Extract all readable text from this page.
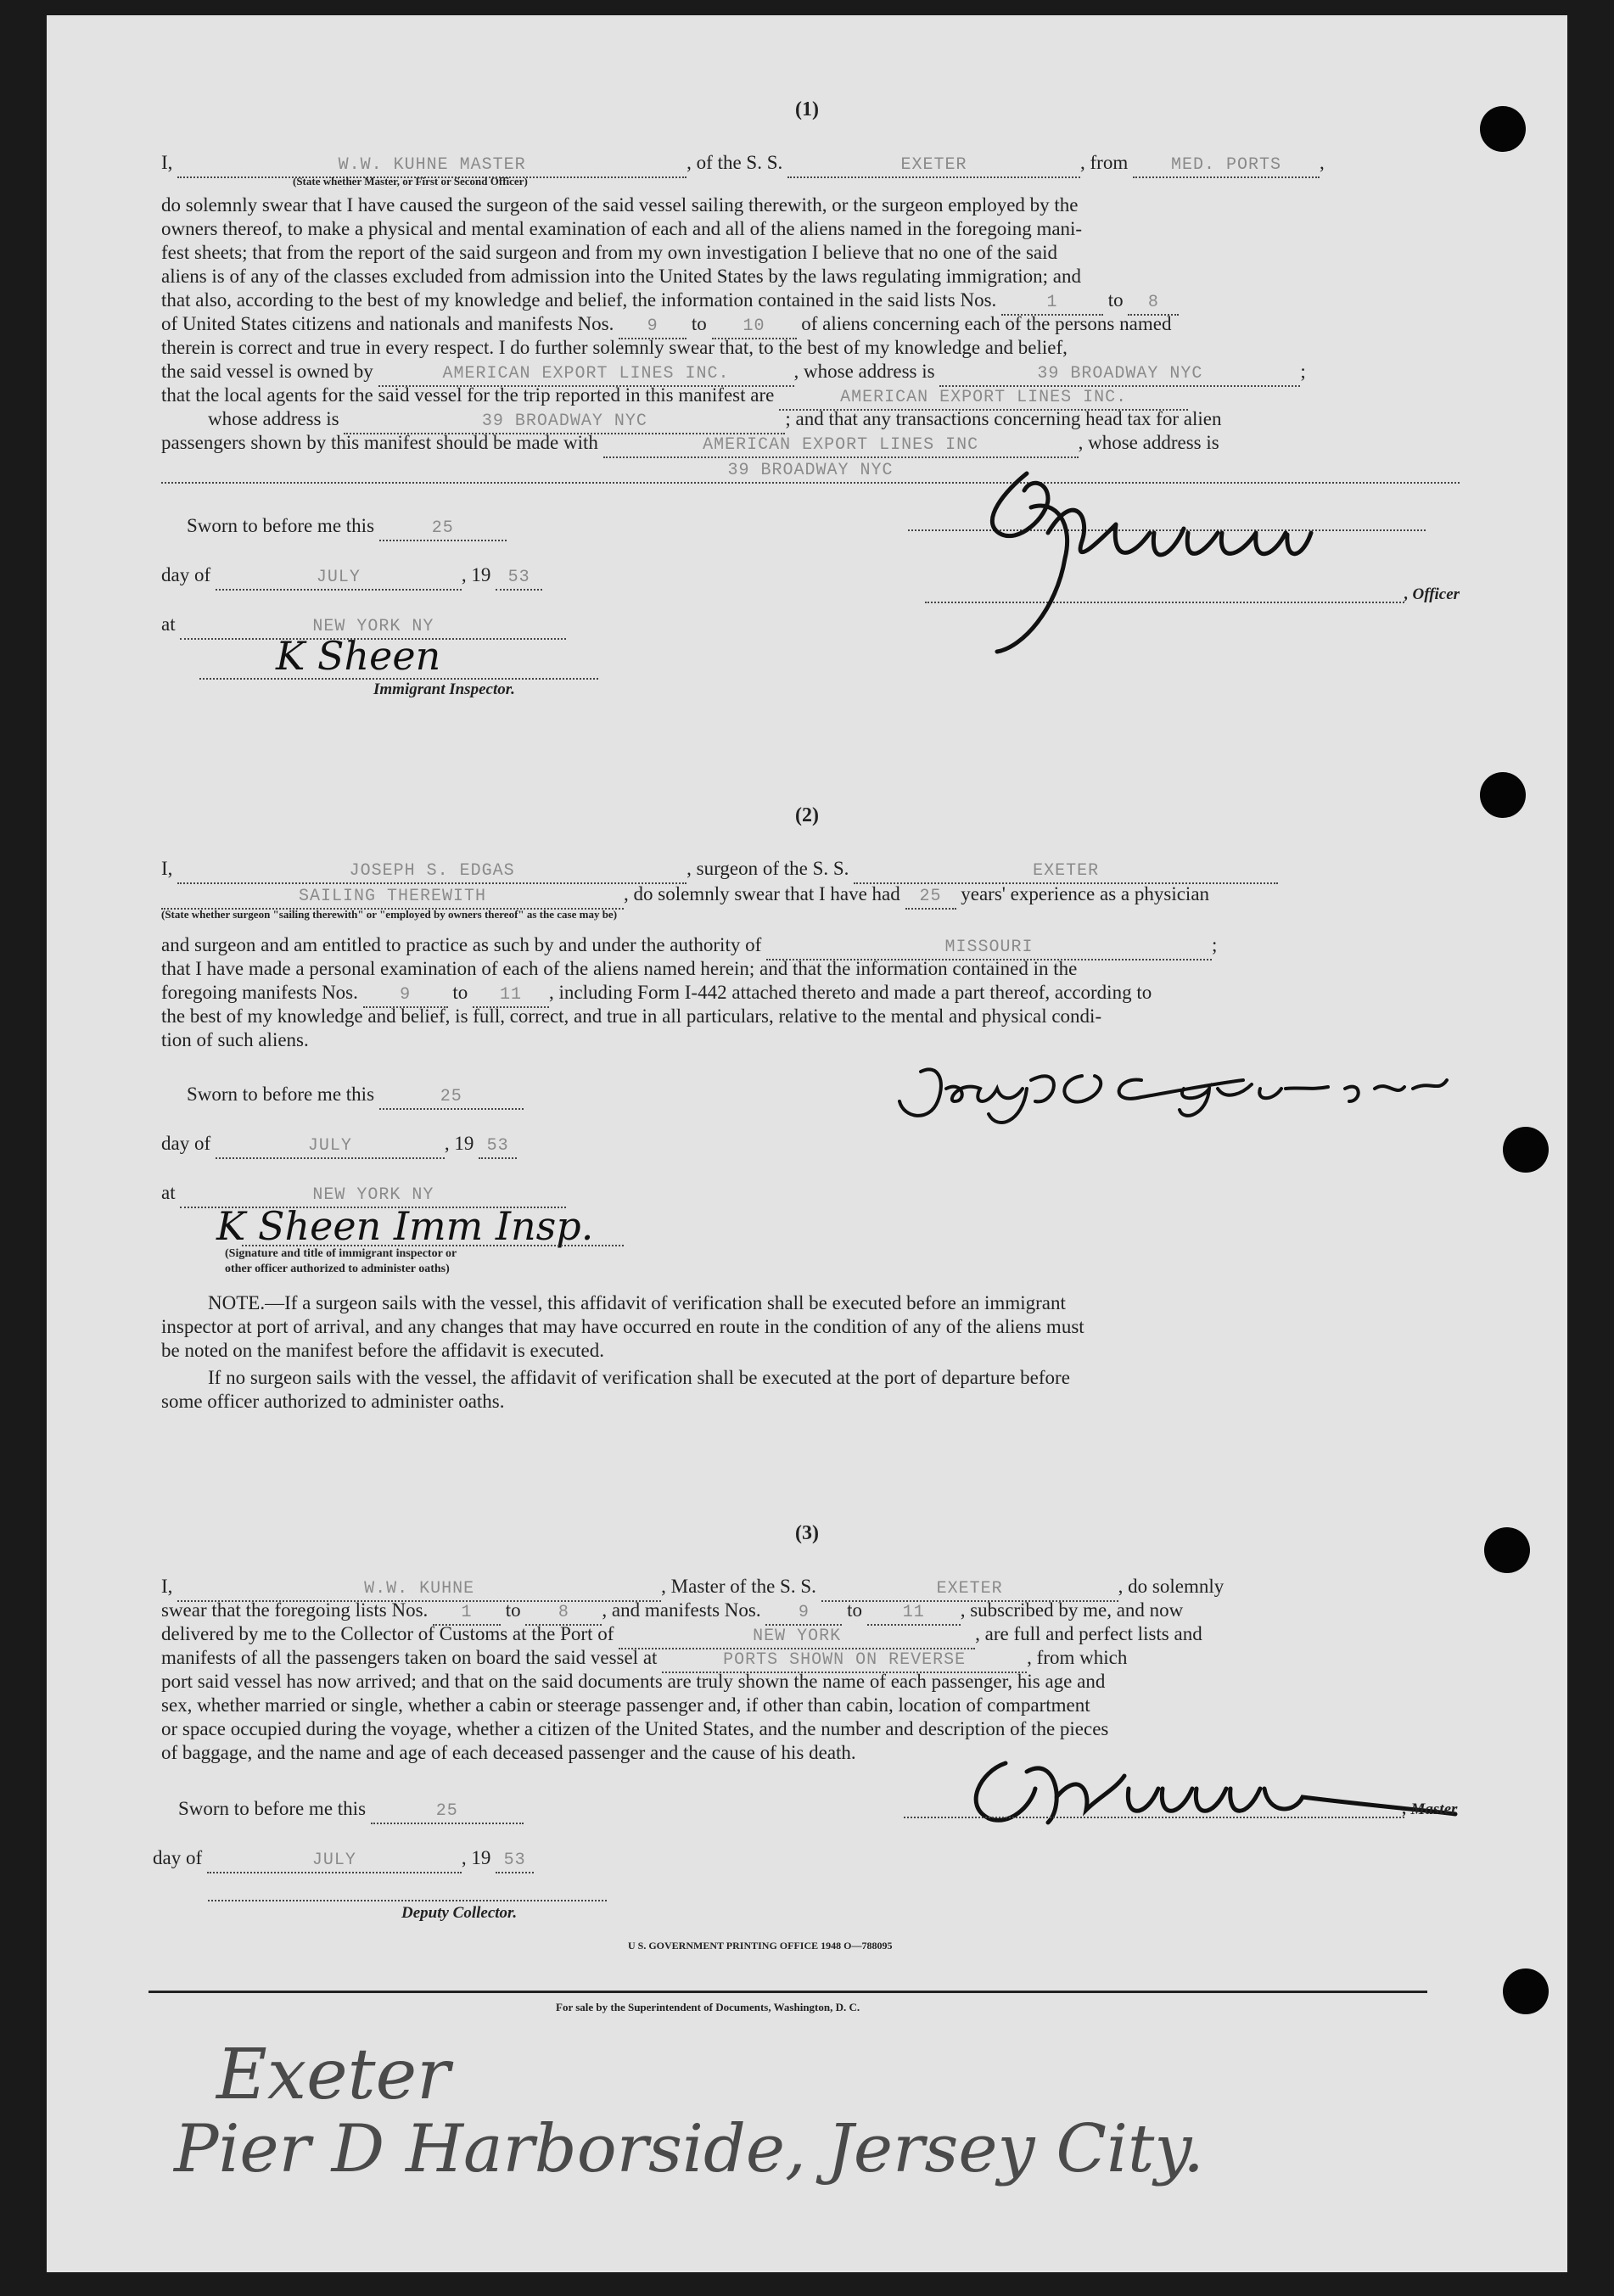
(1)
I,	W.W. KUHNE MASTER	, of the S. S.	EXETER	, from	MED. PORTS ,
(State whether Master, or First or Second Officer)
do solemnly swear that I have caused the surgeon of the said vessel sailing therewith, or the surgeon employed by the
owners thereof, to make a physical and mental examination of each and all of the aliens named in the foregoing mani-
fest sheets; that from the report of the said surgeon and from my own investigation I believe that no one of the said
aliens is of any of the classes excluded from admission into the United States by the laws regulating immigration; and
that also, according to the best of my knowledge and belief, the information contained in the said lists Nos.	1	to 8
of United States citizens and nationals and manifests Nos. 9 to 10 of aliens concerning each of the persons named
therein is correct and true in every respect. I do further solemnly swear that, to the best of my knowledge and belief,
the said vessel is owned by	AMERICAN EXPORT LINES INC.	, whose address is	39 BROADWAY NYC	;
that the local agents for the said vessel for the trip reported in this manifest are	AMERICAN EXPORT LINES INC.
whose address is	39 BROADWAY NYC	; and that any transactions concerning head tax for alien
passengers shown by this manifest should be made with	AMERICAN EXPORT LINES INC	, whose address is
39 BROADWAY NYC
Sworn to before me this	25
day of	JULY	, 19 53
at	NEW YORK NY
, Officer
K Sheen
Immigrant Inspector.
(2)
I,	JOSEPH S. EDGAS	, surgeon of the S. S.	EXETER
SAILING THEREWITH	, do solemnly swear that I have had 25 years' experience as a physician
(State whether surgeon "sailing therewith" or "employed by owners thereof" as the case may be)
and surgeon and am entitled to practice as such by and under the authority of	MISSOURI	;
that I have made a personal examination of each of the aliens named herein; and that the information contained in the
foregoing manifests Nos. 9 to 11 , including Form I-442 attached thereto and made a part thereof, according to
the best of my knowledge and belief, is full, correct, and true in all particulars, relative to the mental and physical condi-
tion of such aliens.
Sworn to before me this	25
day of	JULY	, 19 53
at	NEW YORK NY
K Sheen Imm Insp.
(Signature and title of immigrant inspector or
other officer authorized to administer oaths)
NOTE.—If a surgeon sails with the vessel, this affidavit of verification shall be executed before an immigrant
inspector at port of arrival, and any changes that may have occurred en route in the condition of any of the aliens must
be noted on the manifest before the affidavit is executed.
If no surgeon sails with the vessel, the affidavit of verification shall be executed at the port of departure before
some officer authorized to administer oaths.
(3)
I,	W.W. KUHNE	, Master of the S. S.	EXETER	, do solemnly
swear that the foregoing lists Nos. 1 to 8 , and manifests Nos. 9 to 11 , subscribed by me, and now
delivered by me to the Collector of Customs at the Port of	NEW YORK	, are full and perfect lists and
manifests of all the passengers taken on board the said vessel at	PORTS SHOWN ON REVERSE	, from which
port said vessel has now arrived; and that on the said documents are truly shown the name of each passenger, his age and
sex, whether married or single, whether a cabin or steerage passenger and, if other than cabin, location of compartment
or space occupied during the voyage, whether a citizen of the United States, and the number and description of the pieces
of baggage, and the name and age of each deceased passenger and the cause of his death.
Sworn to before me this	25
day of	JULY	, 19 53
, Master
Deputy Collector.
U S. GOVERNMENT PRINTING OFFICE 1948 O—788095
For sale by the Superintendent of Documents, Washington, D. C.
Exeter
Pier D Harborside, Jersey City.
